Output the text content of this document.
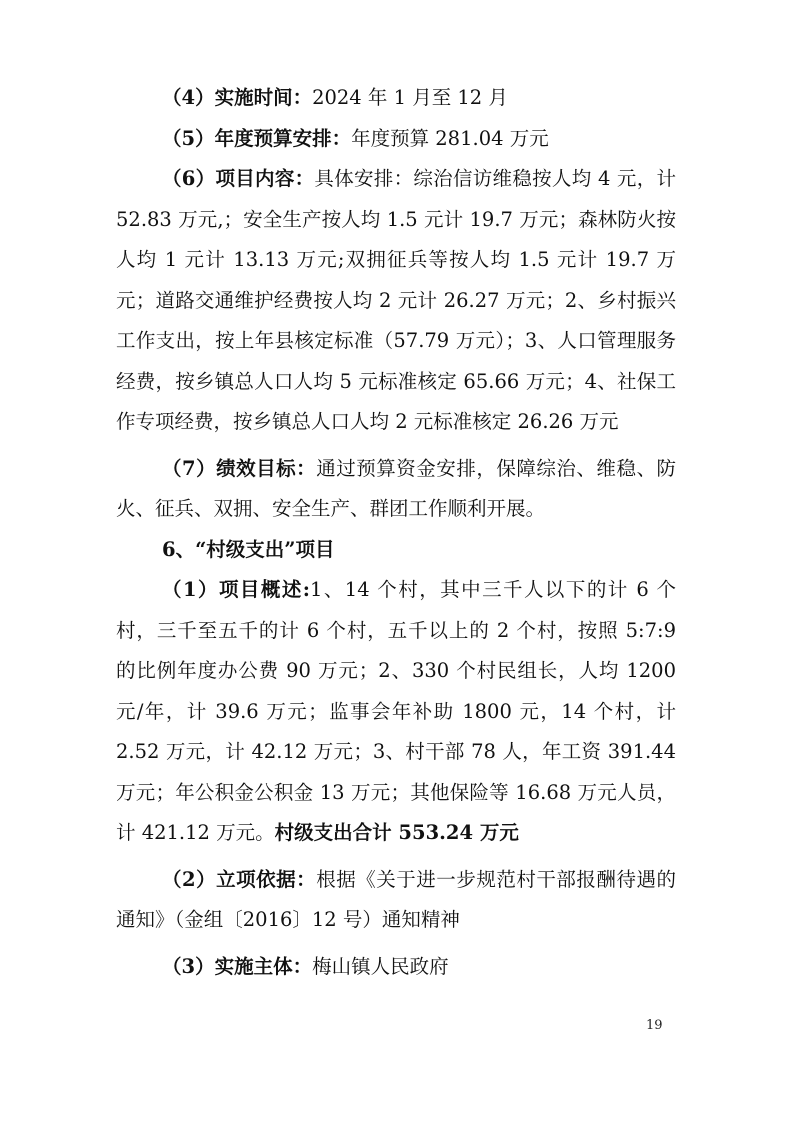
（4）实施时间：2024 年 1 月至 12 月

（5）年度预算安排：年度预算 281.04 万元

（6）项目内容：具体安排：综治信访维稳按人均 4 元，计 52.83 万元,；安全生产按人均 1.5 元计 19.7 万元；森林防火按人均 1 元计 13.13 万元;双拥征兵等按人均 1.5 元计 19.7 万元；道路交通维护经费按人均 2 元计 26.27 万元；2、乡村振兴工作支出，按上年县核定标准（57.79 万元）；3、人口管理服务经费，按乡镇总人口人均 5 元标准核定 65.66 万元；4、社保工作专项经费，按乡镇总人口人均 2 元标准核定 26.26 万元

（7）绩效目标：通过预算资金安排，保障综治、维稳、防火、征兵、双拥、安全生产、群团工作顺利开展。

6、“村级支出”项目

（1）项目概述:1、14 个村，其中三千人以下的计 6 个村，三千至五千的计 6 个村，五千以上的 2 个村，按照 5:7:9 的比例年度办公费 90 万元；2、330 个村民组长，人均 1200 元/年，计 39.6 万元；监事会年补助 1800 元，14 个村，计 2.52 万元，计 42.12 万元；3、村干部 78 人，年工资 391.44 万元；年公积金公积金 13 万元；其他保险等 16.68 万元人员，计 421.12 万元。村级支出合计 553.24 万元

（2）立项依据：根据《关于进一步规范村干部报酬待遇的通知》（金组〔2016〕12 号）通知精神

（3）实施主体：梅山镇人民政府

19
